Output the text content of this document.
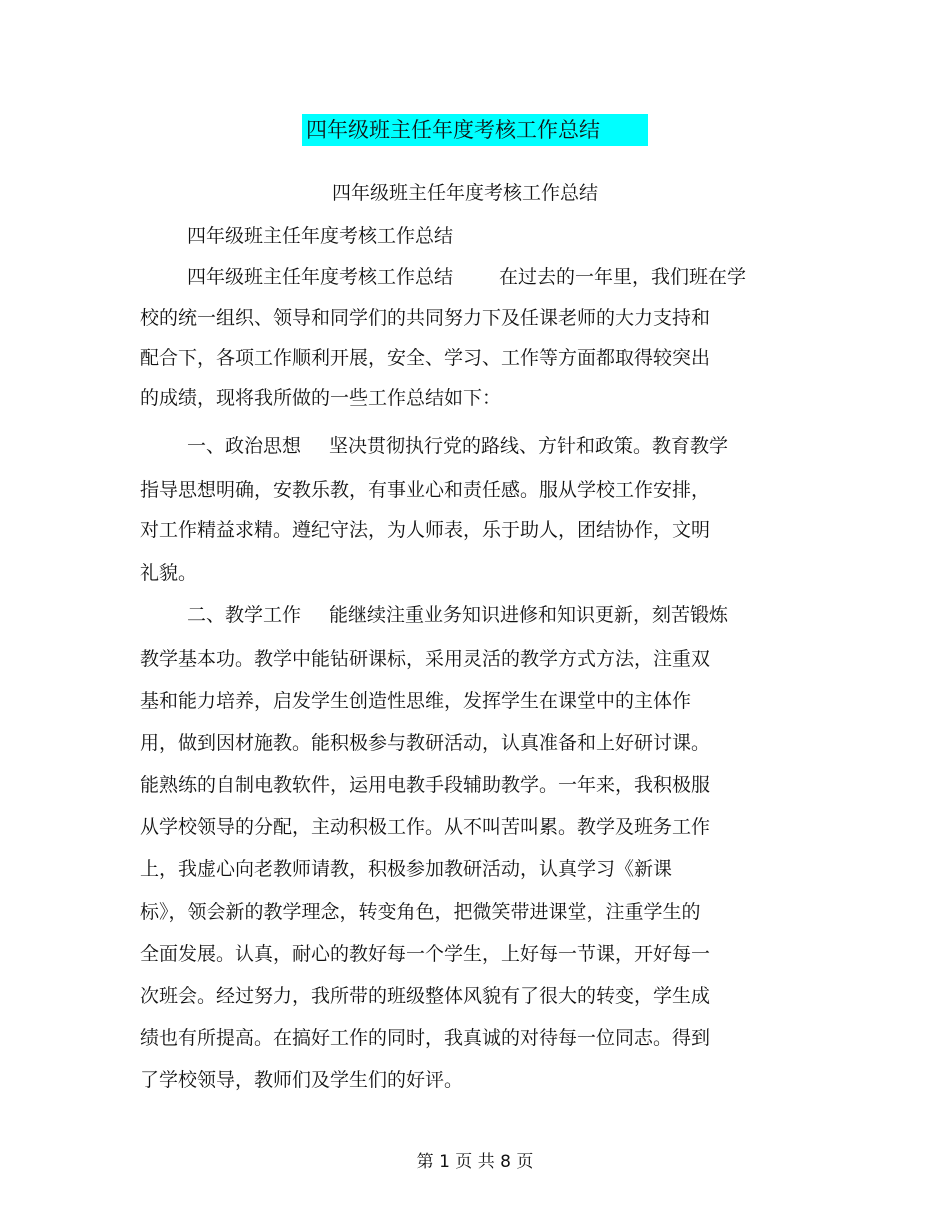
四年级班主任年度考核工作总结
四年级班主任年度考核工作总结
四年级班主任年度考核工作总结
四年级班主任年度考核工作总结 在过去的一年里，我们班在学
校的统一组织、领导和同学们的共同努力下及任课老师的大力支持和
配合下，各项工作顺利开展，安全、学习、工作等方面都取得较突出
的成绩，现将我所做的一些工作总结如下：
一、政治思想 坚决贯彻执行党的路线、方针和政策。教育教学
指导思想明确，安教乐教，有事业心和责任感。服从学校工作安排，
对工作精益求精。遵纪守法，为人师表，乐于助人，团结协作，文明
礼貌。
二、教学工作 能继续注重业务知识进修和知识更新，刻苦锻炼
教学基本功。教学中能钻研课标，采用灵活的教学方式方法，注重双
基和能力培养，启发学生创造性思维，发挥学生在课堂中的主体作
用，做到因材施教。能积极参与教研活动，认真准备和上好研讨课。
能熟练的自制电教软件，运用电教手段辅助教学。一年来，我积极服
从学校领导的分配，主动积极工作。从不叫苦叫累。教学及班务工作
上，我虚心向老教师请教，积极参加教研活动，认真学习《新课
标》，领会新的教学理念，转变角色，把微笑带进课堂，注重学生的
全面发展。认真，耐心的教好每一个学生，上好每一节课，开好每一
次班会。经过努力，我所带的班级整体风貌有了很大的转变，学生成
绩也有所提高。在搞好工作的同时，我真诚的对待每一位同志。得到
了学校领导，教师们及学生们的好评。
第 1 页 共 8 页
